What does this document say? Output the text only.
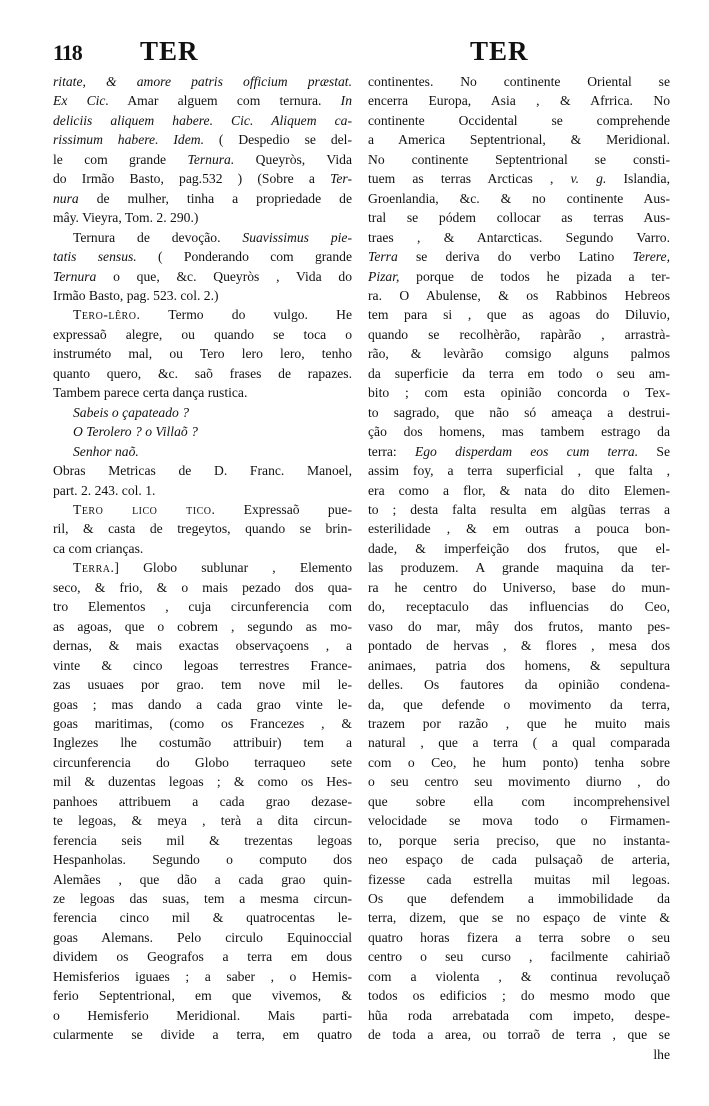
118 TER	TER
ritate, & amore patris officium præstat.
Ex Cic. Amar alguem com ternura. In
deliciis aliquem habere. Cic. Aliquem ca-
rissimum habere. Idem. ( Despedio se del-
le com grande Ternura. Queyròs, Vida
do Irmão Basto, pag.532 ) (Sobre a Ter-
nura de mulher, tinha a propriedade de
mây. Vieyra, Tom. 2. 290.)
Ternura de devoção. Suavissimus pie-
tatis sensus. ( Ponderando com grande
Ternura o que, &c. Queyròs , Vida do
Irmão Basto, pag. 523. col. 2.)
Tero-lêro. Termo do vulgo. He
expressaõ alegre, ou quando se toca o
instruméto mal, ou Tero lero lero, tenho
quanto quero, &c. saõ frases de rapazes.
Tambem parece certa dança rustica.
Sabeis o çapateado ?
O Terolero ? o Villaõ ?
Senhor naõ.
Obras Metricas de D. Franc. Manoel,
part. 2. 243. col. 1.
Tero lico tico. Expressaõ pue-
ril, & casta de tregeytos, quando se brin-
ca com crianças.
Terra.] Globo sublunar , Elemento
seco, & frio, & o mais pezado dos qua-
tro Elementos , cuja circunferencia com
as agoas, que o cobrem , segundo as mo-
dernas, & mais exactas observaçoens , a
vinte & cinco legoas terrestres France-
zas usuaes por grao. tem nove mil le-
goas ; mas dando a cada grao vinte le-
goas maritimas, (como os Francezes , &
Inglezes lhe costumão attribuir) tem a
circunferencia do Globo terraqueo sete
mil & duzentas legoas ; & como os Hes-
panhoes attribuem a cada grao dezase-
te legoas, & meya , terà a dita circun-
ferencia seis mil & trezentas legoas
Hespanholas. Segundo o computo dos
Alemães , que dão a cada grao quin-
ze legoas das suas, tem a mesma circun-
ferencia cinco mil & quatrocentas le-
goas Alemans. Pelo circulo Equinoccial
dividem os Geografos a terra em dous
Hemisferios iguaes ; a saber , o Hemis-
ferio Septentrional, em que vivemos, &
o Hemisferio Meridional. Mais parti-
cularmente se divide a terra, em quatro
continentes. No continente Oriental se
encerra Europa, Asia , & Afrrica. No
continente Occidental se comprehende
a America Septentrional, & Meridional.
No continente Septentrional se consti-
tuem as terras Arcticas , v. g. Islandia,
Groenlandia, &c. & no continente Aus-
tral se pódem collocar as terras Aus-
traes , & Antarcticas. Segundo Varro.
Terra se deriva do verbo Latino Terere,
Pizar, porque de todos he pizada a ter-
ra. O Abulense, & os Rabbinos Hebreos
tem para si , que as agoas do Diluvio,
quando se recolhèrão, rapàrão , arrastrà-
rão, & levàrão comsigo alguns palmos
da superficie da terra em todo o seu am-
bito ; com esta opinião concorda o Tex-
to sagrado, que não só ameaça a destrui-
ção dos homens, mas tambem estrago da
terra: Ego disperdam eos cum terra. Se
assim foy, a terra superficial , que falta ,
era como a flor, & nata do dito Elemen-
to ; desta falta resulta em algũas terras a
esterilidade , & em outras a pouca bon-
dade, & imperfeição dos frutos, que el-
las produzem. A grande maquina da ter-
ra he centro do Universo, base do mun-
do, receptaculo das influencias do Ceo,
vaso do mar, mây dos frutos, manto pes-
pontado de hervas , & flores , mesa dos
animaes, patria dos homens, & sepultura
delles. Os fautores da opinião condena-
da, que defende o movimento da terra,
trazem por razão , que he muito mais
natural , que a terra ( a qual comparada
com o Ceo, he hum ponto) tenha sobre
o seu centro seu movimento diurno , do
que sobre ella com incomprehensivel
velocidade se mova todo o Firmamen-
to, porque seria preciso, que no instanta-
neo espaço de cada pulsaçaõ de arteria,
fizesse cada estrella muitas mil legoas.
Os que defendem a immobilidade da
terra, dizem, que se no espaço de vinte &
quatro horas fizera a terra sobre o seu
centro o seu curso , facilmente cahiriaõ
com a violenta , & continua revoluçaõ
todos os edificios ; do mesmo modo que
hũa roda arrebatada com impeto, despe-
de toda a area, ou torraõ de terra , que se
lhe
